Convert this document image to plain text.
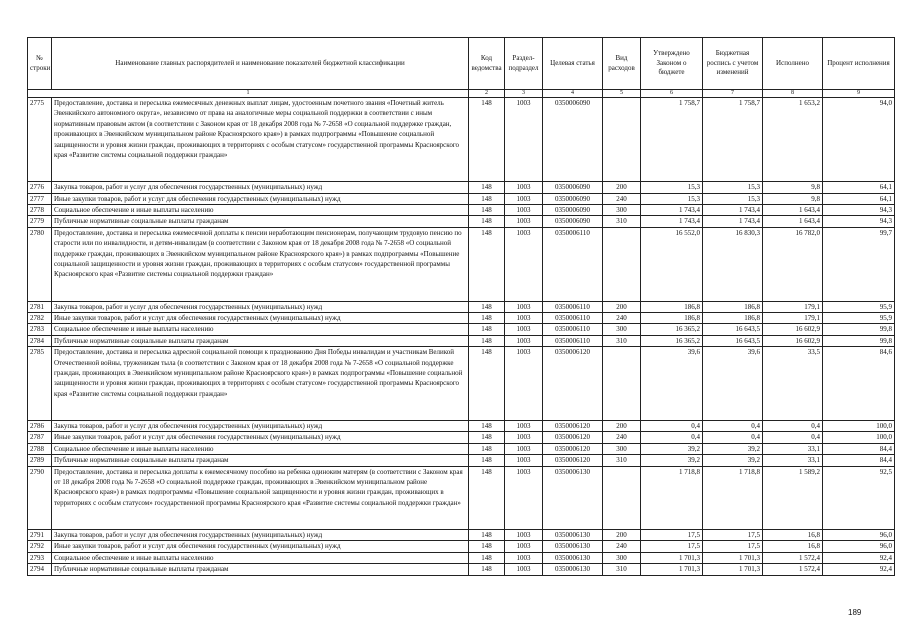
№ строки	Наименование главных распорядителей и наименование показателей бюджетной классификации	Код ведомства	Раздел-подраздел	Целевая статья	Вид расходов	Утверждено Законом о бюджете	Бюджетная роспись с учетом изменений	Исполнено	Процент исполнения
1		2	3	4	5	6	7	8	9
2775	Предоставление, доставка и пересылка ежемесячных денежных выплат лицам, удостоенным почетного звания «Почетный житель Эвенкийского автономного округа», независимо от права на аналогичные меры социальной поддержки в соответствии с иным нормативным правовым актом (в соответствии с Законом края от 18 декабря 2008 года № 7-2658 «О социальной поддержке граждан, проживающих в Эвенкийском муниципальном районе Красноярского края») в рамках подпрограммы «Повышение социальной защищенности и уровня жизни граждан, проживающих в территориях с особым статусом» государственной программы Красноярского края «Развитие системы социальной поддержки граждан»	148	1003	0350006090		1 758,7	1 758,7	1 653,2	94,0
2776	Закупка товаров, работ и услуг для обеспечения государственных (муниципальных) нужд	148	1003	0350006090	200	15,3	15,3	9,8	64,1
2777	Иные закупки товаров, работ и услуг для обеспечения государственных (муниципальных) нужд	148	1003	0350006090	240	15,3	15,3	9,8	64,1
2778	Социальное обеспечение и иные выплаты населению	148	1003	0350006090	300	1 743,4	1 743,4	1 643,4	94,3
2779	Публичные нормативные социальные выплаты гражданам	148	1003	0350006090	310	1 743,4	1 743,4	1 643,4	94,3
2780	Предоставление, доставка и пересылка ежемесячной доплаты к пенсии неработающим пенсионерам, получающим трудовую пенсию по старости или по инвалидности, и детям-инвалидам (в соответствии с Законом края от 18 декабря 2008 года № 7-2658 «О социальной поддержке граждан, проживающих в Эвенкийском муниципальном районе Красноярского края») в рамках подпрограммы «Повышение социальной защищенности и уровня жизни граждан, проживающих в территориях с особым статусом» государственной программы Красноярского края «Развитие системы социальной поддержки граждан»	148	1003	0350006110		16 552,0	16 830,3	16 782,0	99,7
2781	Закупка товаров, работ и услуг для обеспечения государственных (муниципальных) нужд	148	1003	0350006110	200	186,8	186,8	179,1	95,9
2782	Иные закупки товаров, работ и услуг для обеспечения государственных (муниципальных) нужд	148	1003	0350006110	240	186,8	186,8	179,1	95,9
2783	Социальное обеспечение и иные выплаты населению	148	1003	0350006110	300	16 365,2	16 643,5	16 602,9	99,8
2784	Публичные нормативные социальные выплаты гражданам	148	1003	0350006110	310	16 365,2	16 643,5	16 602,9	99,8
2785	Предоставление, доставка и пересылка адресной социальной помощи к празднованию Дня Победы инвалидам и участникам Великой Отечественной войны, труженикам тыла (в соответствии с Законом края от 18 декабря 2008 года № 7-2658 «О социальной поддержке граждан, проживающих в Эвенкийском муниципальном районе Красноярского края») в рамках подпрограммы «Повышение социальной защищенности и уровня жизни граждан, проживающих в территориях с особым статусом» государственной программы Красноярского края «Развитие системы социальной поддержки граждан»	148	1003	0350006120		39,6	39,6	33,5	84,6
2786	Закупка товаров, работ и услуг для обеспечения государственных (муниципальных) нужд	148	1003	0350006120	200	0,4	0,4	0,4	100,0
2787	Иные закупки товаров, работ и услуг для обеспечения государственных (муниципальных) нужд	148	1003	0350006120	240	0,4	0,4	0,4	100,0
2788	Социальное обеспечение и иные выплаты населению	148	1003	0350006120	300	39,2	39,2	33,1	84,4
2789	Публичные нормативные социальные выплаты гражданам	148	1003	0350006120	310	39,2	39,2	33,1	84,4
2790	Предоставление, доставка и пересылка доплаты к ежемесячному пособию на ребенка одиноким матерям (в соответствии с Законом края от 18 декабря 2008 года № 7-2658 «О социальной поддержке граждан, проживающих в Эвенкийском муниципальном районе Красноярского края») в рамках подпрограммы «Повышение социальной защищенности и уровня жизни граждан, проживающих в территориях с особым статусом» государственной программы Красноярского края «Развитие системы социальной поддержки граждан»	148	1003	0350006130		1 718,8	1 718,8	1 589,2	92,5
2791	Закупка товаров, работ и услуг для обеспечения государственных (муниципальных) нужд	148	1003	0350006130	200	17,5	17,5	16,8	96,0
2792	Иные закупки товаров, работ и услуг для обеспечения государственных (муниципальных) нужд	148	1003	0350006130	240	17,5	17,5	16,8	96,0
2793	Социальное обеспечение и иные выплаты населению	148	1003	0350006130	300	1 701,3	1 701,3	1 572,4	92,4
2794	Публичные нормативные социальные выплаты гражданам	148	1003	0350006130	310	1 701,3	1 701,3	1 572,4	92,4
189
